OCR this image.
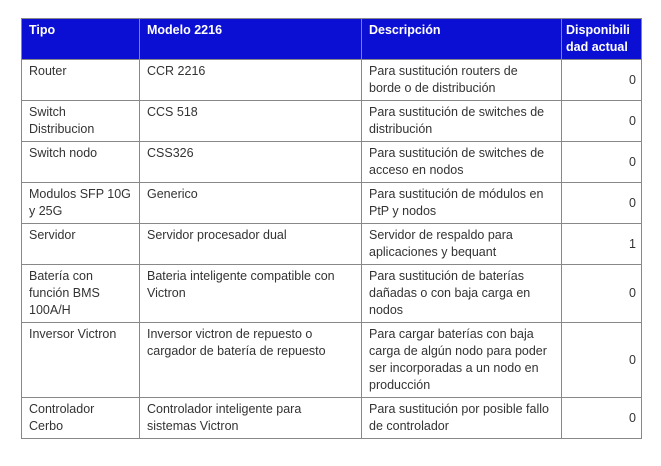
Tipo	Modelo 2216	Descripción	Disponibilidad actual
Router	CCR 2216	Para sustitución routers de borde o de distribución	0
Switch Distribucion	CCS 518	Para sustitución de switches de distribución	0
Switch nodo	CSS326	Para sustitución de switches de acceso en nodos	0
Modulos SFP 10G y 25G	Generico	Para sustitución de módulos en PtP y nodos	0
Servidor	Servidor procesador dual	Servidor de respaldo para aplicaciones y bequant	1
Batería con función BMS 100A/H	Bateria inteligente compatible con Victron	Para sustitución de baterías dañadas o con baja carga en nodos	0
Inversor Victron	Inversor victron de repuesto o cargador de batería de repuesto	Para cargar baterías con baja carga de algún nodo para poder ser incorporadas a un nodo en producción	0
Controlador Cerbo	Controlador inteligente para sistemas Victron	Para sustitución por posible fallo de controlador	0
